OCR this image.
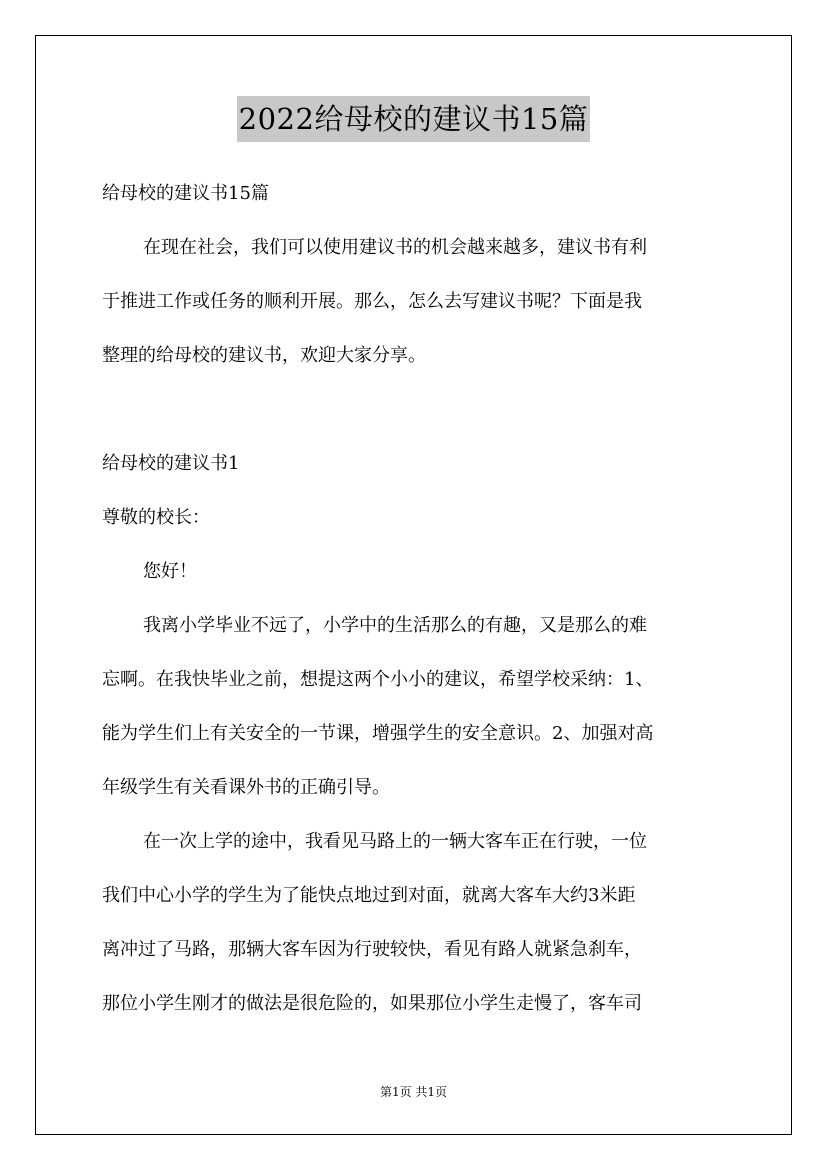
2022给母校的建议书15篇
给母校的建议书15篇
在现在社会，我们可以使用建议书的机会越来越多，建议书有利
于推进工作或任务的顺利开展。那么，怎么去写建议书呢？下面是我
整理的给母校的建议书，欢迎大家分享。
给母校的建议书1
尊敬的校长：
您好！
我离小学毕业不远了，小学中的生活那么的有趣，又是那么的难
忘啊。在我快毕业之前，想提这两个小小的建议，希望学校采纳：1、
能为学生们上有关安全的一节课，增强学生的安全意识。2、加强对高
年级学生有关看课外书的正确引导。
在一次上学的途中，我看见马路上的一辆大客车正在行驶，一位
我们中心小学的学生为了能快点地过到对面，就离大客车大约3米距
离冲过了马路，那辆大客车因为行驶较快，看见有路人就紧急刹车，
那位小学生刚才的做法是很危险的，如果那位小学生走慢了，客车司
第1页 共1页
